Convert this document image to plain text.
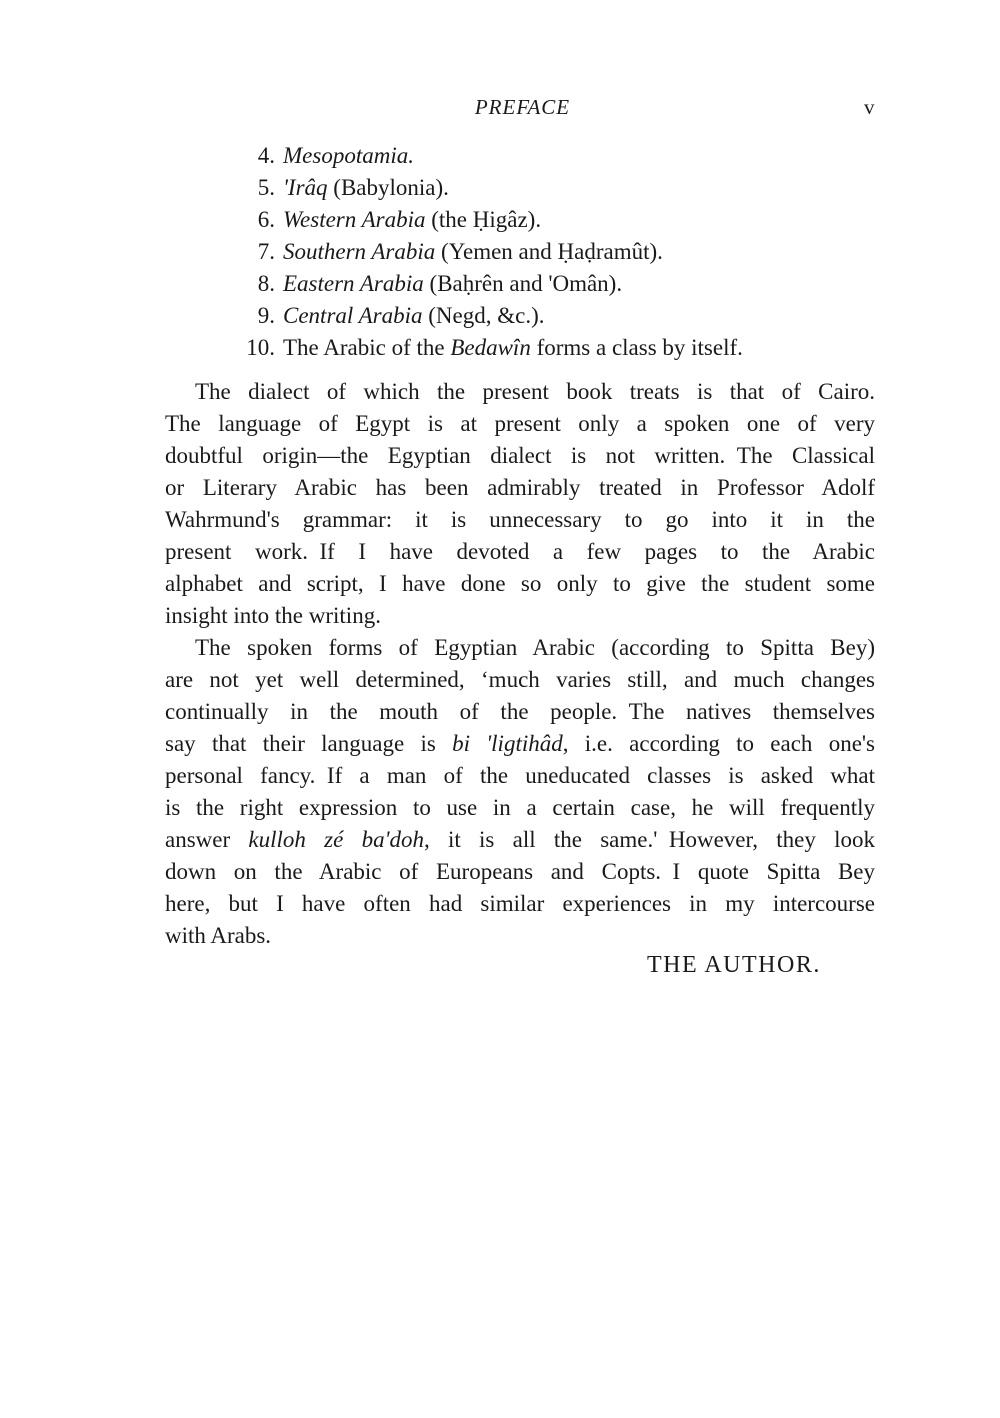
PREFACE	v
4. Mesopotamia.
5. 'Irâq (Babylonia).
6. Western Arabia (the Ḥigâz).
7. Southern Arabia (Yemen and Ḥaḍramût).
8. Eastern Arabia (Baḥrên and 'Omân).
9. Central Arabia (Negd, &c.).
10. The Arabic of the Bedawîn forms a class by itself.
The dialect of which the present book treats is that of Cairo.
The language of Egypt is at present only a spoken one of very
doubtful origin—the Egyptian dialect is not written. The Classical
or Literary Arabic has been admirably treated in Professor Adolf
Wahrmund's grammar: it is unnecessary to go into it in the
present work. If I have devoted a few pages to the Arabic
alphabet and script, I have done so only to give the student some
insight into the writing.
The spoken forms of Egyptian Arabic (according to Spitta Bey)
are not yet well determined, ‘much varies still, and much changes
continually in the mouth of the people. The natives themselves
say that their language is bi 'ligtihâd, i.e. according to each one's
personal fancy. If a man of the uneducated classes is asked what
is the right expression to use in a certain case, he will frequently
answer kulloh zé ba'doh, it is all the same.' However, they look
down on the Arabic of Europeans and Copts. I quote Spitta Bey
here, but I have often had similar experiences in my intercourse
with Arabs.
THE AUTHOR.
